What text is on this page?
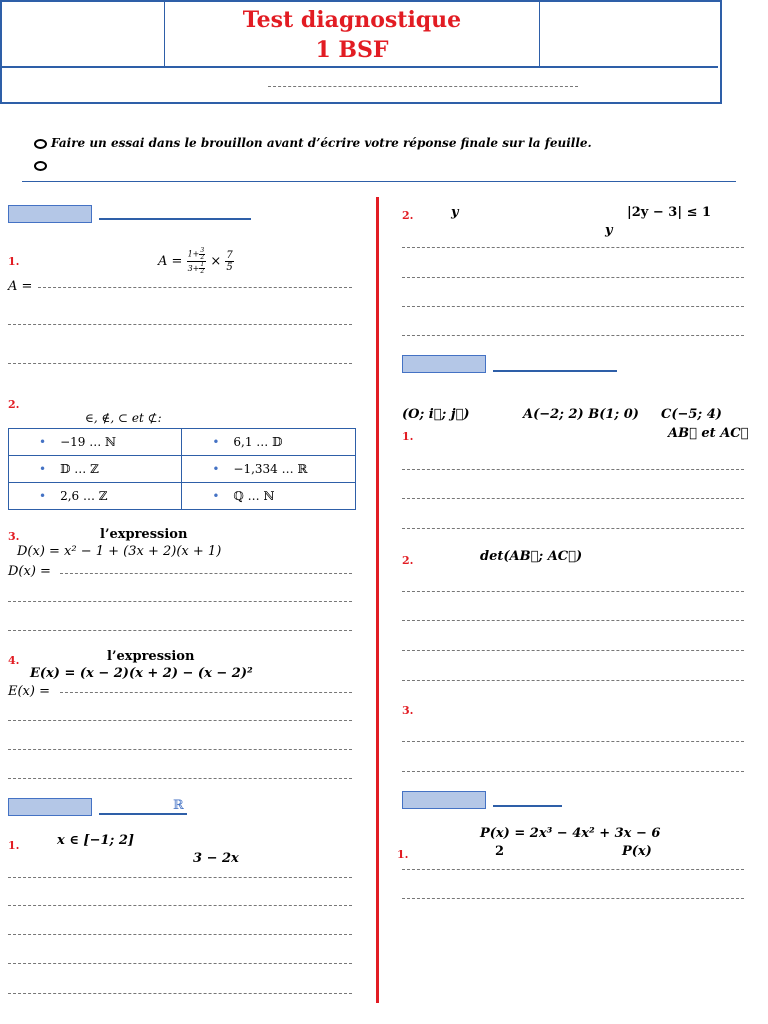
Test diagnostique
1 BSF
Faire un essai dans le brouillon avant d’écrire votre réponse finale sur la feuille.
1.	$A = \frac{1+ \frac{3}{2}}{3+ \frac{1}{2}} \times \frac{7}{5}$
A =
2.
∈, ∉, ⊂ et ⊄:
• −19 … ℕ	• 6,1 … 𝔻
• 𝔻 … ℤ	• −1,334 … ℝ
• 2,6 … ℤ	• ℚ … ℕ
3.	l’expression
D(x) = x² − 1 + (3x + 2)(x + 1)
D(x) =
4.	l’expression
E(x) = (x − 2)(x + 2) − (x − 2)²
E(x) =
ℝ
1.	x ∈ [−1; 2]
3 − 2x
2.	y	|2y − 3| ≤ 1
y
(O; i⃗; j⃗)	A(−2; 2) B(1; 0) C(−5; 4)
AB⃗ et AC⃗
1.
2.	det(AB⃗; AC⃗)
3.
P(x) = 2x³ − 4x² + 3x − 6
1.	2	P(x)
